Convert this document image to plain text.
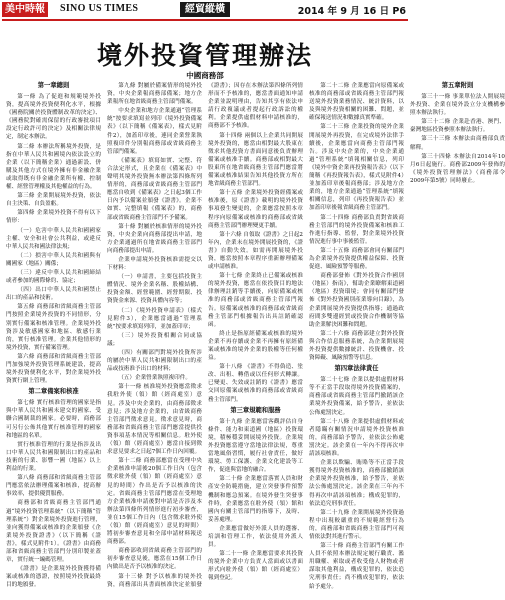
美中時報	SINO US TIMES	經貿縱橫	2014 年 9 月 16 日 P6
境外投資管理辦法
中國商務部
第一章總則

第一條 為了促進和規範境外投資，提高境外投資便利化水平，根據《國務院關於投資體制改革的決定》、《國務院對確需保留的行政審批項目設定行政許可的決定》及相關法律規定，制定本辦法。

第二條 本辦法所稱境外投資，是指在中華人民共和國境內依法設立的企業（以下簡稱企業）通過新設、併購及其他方式在境外擁有非金融企業或取得既有非金融企業所有權、控制權、經營管理權及其他權益的行為。

第三條 企業開展境外投資，依法自主決策、自負盈虧。

第四條 企業境外投資不得有以下情形：

（一）危害中華人民共和國國家主權、安全和社會公共利益，或違反中華人民共和國法律法規；

（二）損害中華人民共和國與有關國家（地區）關係；

（三）違反中華人民共和國締結或者參加的國際條約、協定；

（四）出口中華人民共和國禁止出口的產品和技術。

第五條 商務部和省級商務主管部門按照企業境外投資的不同情形，分別實行備案和核准管理。企業境外投資涉及敏感國家和地區、敏感行業的，實行核准管理。企業其他情形的境外投資，實行備案管理。

第六條 商務部和省級商務主管部門加強境外投資管理系統建設，提高境外投資便利化水平，對企業境外投資實行網上管理。

第二章備案和核准

第七條 實行核准管理的國家是指與中華人民共和國未建交的國家、受聯合國制裁的國家。必要時，商務部可另行公佈其他實行核准管理的國家和地區的名單。

實行核准管理的行業是指涉及出口中華人民共和國限制出口的產品和技術的行業、影響一國（地區）以上利益的行業。

第八條 商務部和省級商務主管部門應當依法辦理備案和核准，提高辦事效率，提供優質服務。

商務部和省級商務主管部門通過“境外投資管理系統”（以下簡稱“管理系統”）對企業境外投資進行管理，並向獲得備案或核准的企業頒發《企業境外投資證書》（以下簡稱《證書》，樣式見附件1）。《證書》由商務部和省級商務主管部門分別印製並蓋章，實行統一編碼管理。

《證書》是企業境外投資獲得備案或核准的憑證，按照境外投資最終目的地頒發。

第九條 對屬於備案情形的境外投資，中央企業報商務部備案；地方企業報所在地省級商務主管部門備案。

中央企業和地方企業通過“管理系統”按要求填寫並列印《境外投資備案表》（以下簡稱《備案表》，樣式見附件2），加蓋印章後，連同企業營業執照複印件分別報商務部或省級商務主管部門備案。

《備案表》填寫如實、完整、符合法定形式，且企業在《備案表》中聲明其境外投資無本辦法第四條所列情形的，商務部或省級商務主管部門應當自收到《備案表》之日起3個工作日內予以備案並頒發《證書》。企業不如實、完整填報《備案表》的，商務部或省級商務主管部門不予備案。

第十條 對屬於核准情形的境外投資，中央企業向商務部提出申請，地方企業通過所在地省級商務主管部門向商務部提出申請。

企業申請境外投資核准需提交以下材料：

（一）申請書，主要包括投資主體情況、境外企業名稱、股權結構、投資金額、經營範圍、經營期限、投資資金來源、投資具體內容等；

（二）《境外投資申請表》（樣式見附件3），企業應當通過“管理系統”按要求填寫列印，並加蓋印章；

（三）境外投資相關合同或協議；

（四）有關部門對境外投資所涉的屬於中華人民共和國限制出口的產品或技術准予出口的材料；

（五）企業營業執照複印件。

第十一條 核准境外投資應當徵求我駐外使（領）館（經商處室）意見。涉及中央企業的，由商務部徵求意見；涉及地方企業的，由省級商務主管部門徵求意見。徵求意見時，商務部和省級商務主管部門應當提供投資事項基本情況等相關信息。駐外使（領）館（經商處室）應當自接到徵求意見要求之日起7個工作日內回覆。

第十二條 商務部應當在受理中央企業核准申請後20個工作日內（包含徵求駐外使（領）館（經商處室）意見的時間）作出是否予以核准的決定。省級商務主管部門應當在受理地方企業核准申請後對申請是否涉及本辦法第四條所列情形進行初步審查，並在15個工作日內（包含徵求駐外使（領）館（經商處室）意見的時間）將初步審查意見和全部申請材料報送商務部。

商務部收到省級商務主管部門的初步審查意見後，應當在15個工作日內做出是否予以核准的決定。

第十三條 對予以核准的境外投資，商務部出具書面核准決定並頒發《證書》；因存在本辦法第四條所列情形而不予核准的，應當書面通知申請企業並說明理由，告知其享有依法申請行政複議或者提起行政訴訟的權利。企業提供虛假材料申請核准的，商務部不予核准。

第十四條 兩個以上企業共同開展境外投資的，應當由相對最大股東在徵求其他投資方書面同意後負責辦理備案或核准手續。商務部或相對最大股東所在地省級商務主管部門應當將備案或核准結果告知其他投資方所在地省級商務主管部門。

第十五條 企業境外投資經備案或核准後，原《證書》載明的境外投資事項發生變更的，企業應當按照本章程序向原備案或核准的商務部或省級商務主管部門辦理變更手續。

第十六條 自領取《證書》之日起2年內，企業未在境外開展投資的，《證書》自動失效。如需再開展境外投資，應當按照本章程序重新辦理備案或申請核准。

第十七條 企業終止已備案或核准的境外投資，應當在依投資目的地法律辦理註銷等手續後，向原備案或核准的商務部或省級商務主管部門報告。原備案或核准的商務部或省級商務主管部門根據報告出具註銷確認函。

終止是指原經備案或核准的境外企業不再存續或企業不再擁有原經備案或核准的境外企業的股權等任何權益。

第十八條 《證書》不得偽造、塗改、出租、轉借或以任何形式轉讓。已變更、失效或註銷的《證書》應當交回原備案或核准的商務部或省級商務主管部門。

第三章規範和服務

第十九條 企業應當客觀評估自身條件、能力和東道國（地區）投資環境，積極穩妥開展境外投資。企業境外投資應當遵守當地法律法規，尊重當地風俗習慣，履行社會責任，做好環境、勞工保護、企業文化建設等工作，促進與當地的融合。

第二十條 企業應當落實人員和財產安全防範措施，建立突發事件預警機制和應急預案。在境外發生突發事件時，企業應當在駐外使（領）館和國內有關主管部門的指導下，及時、妥善處理。

企業應當做好外派人員的選審、培訓和管理工作，依法使用外派人員。

第二十一條 企業應當要求其投資的境外企業中方負責人當面或以書面形式向駐外使（領）館（經商處室）報到登記。

第二十二條 企業應當向原備案或核准的商務部或省級商務主管部門報送境外投資業務情況、統計資料，以及與境外投資相關的困難、問題，並確保報送情況和數據真實準確。

第二十三條 企業投資的境外企業開展境外再投資，在完成境外法律手續後，企業應當向商務主管部門報告。涉及中央企業的，中央企業通過“管理系統”填報相關信息，列印《境外中資企業再投資報告表》（以下簡稱《再投資報告表》，樣式見附件4）並加蓋印章後報商務部；涉及地方企業的，地方企業通過“管理系統”填報相關信息，列印《再投資報告表》並加蓋印章後報省級商務主管部門。

第二十四條 商務部負責對省級商務主管部門的境外投資備案和核准工作進行指導、監督，對企業境外投資情況進行事中事後監管。

第二十五條 商務部會同有關部門為企業境外投資提供權益保障、投資促進、風險預警等服務。

商務部發佈《對外投資合作國別（地區）指南》，幫助企業瞭解東道國（地區）投資環境；會同有關部門發佈《對外投資國別產業導向目錄》，為企業開展境外投資提供指導；通過政府間多雙邊經貿或投資合作機制等協助企業解決困難和問題。

第二十六條 商務部建立對外投資與合作信息服務系統，為企業開展境外投資提供數據統計、投資機會、投資障礙、風險預警等信息。

第四章法律責任

第二十七條 企業以提供虛假材料等不正當手段取得境外投資備案的，商務部或省級商務主管部門撤銷該企業境外投資備案，給予警告，並依法公佈處罰決定。

第二十八條 企業提供虛假材料或者隱瞞有關情況申請境外投資核准的，商務部給予警告，並依法公佈處罰決定。該企業在一年內不得再次申請該項核准。

企業以欺騙、賄賂等不正當手段獲得境外投資核准的，商務部撤銷該企業境外投資核准，給予警告，並依法公佈處罰決定。該企業在三年內不得再次申請該項核准；構成犯罪的，依法追究刑事責任。

第二十九條 企業開展境外投資過程中出現較嚴重的不規範經營行為的，商務部和省級商務主管部門可視情依法對其進行警示。

第三十條 商務主管部門有關工作人員不依照本辦法規定履行職責、濫用職權、索取或者收受他人財物或者謀取其他利益，構成犯罪的，依法追究刑事責任；尚不構成犯罪的，依法給予處分。

第五章附則

第三十一條 事業單位法人開展境外投資、企業在境外設立分支機構參照本辦法執行。

第三十二條 企業赴香港、澳門、臺灣地區投資參照本辦法執行。

第三十三條 本辦法由商務部負責解釋。

第三十四條 本辦法自2014年10月6日起施行。商務部2009年發佈的《境外投資管理辦法》（商務部令2009年第5號）同時廢止。
